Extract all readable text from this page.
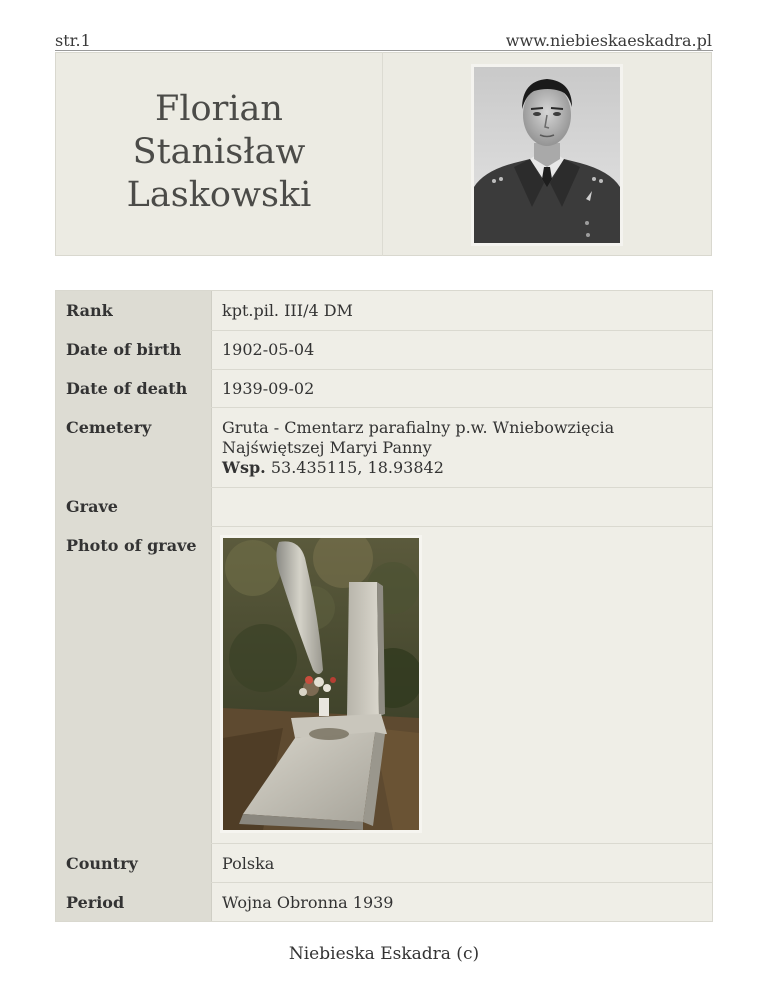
str.1	www.niebieskaeskadra.pl
Florian
Stanisław
Laskowski
Rank	kpt.pil. III/4 DM
Date of birth	1902-05-04
Date of death 1939-09-02
Cemetery	Gruta - Cmentarz parafialny p.w. Wniebowzięcia
Najświętszej Maryi Panny
Wsp. 53.435115, 18.93842
Grave
Photo of grave
Country	Polska
Period	Wojna Obronna 1939
Niebieska Eskadra (c)
